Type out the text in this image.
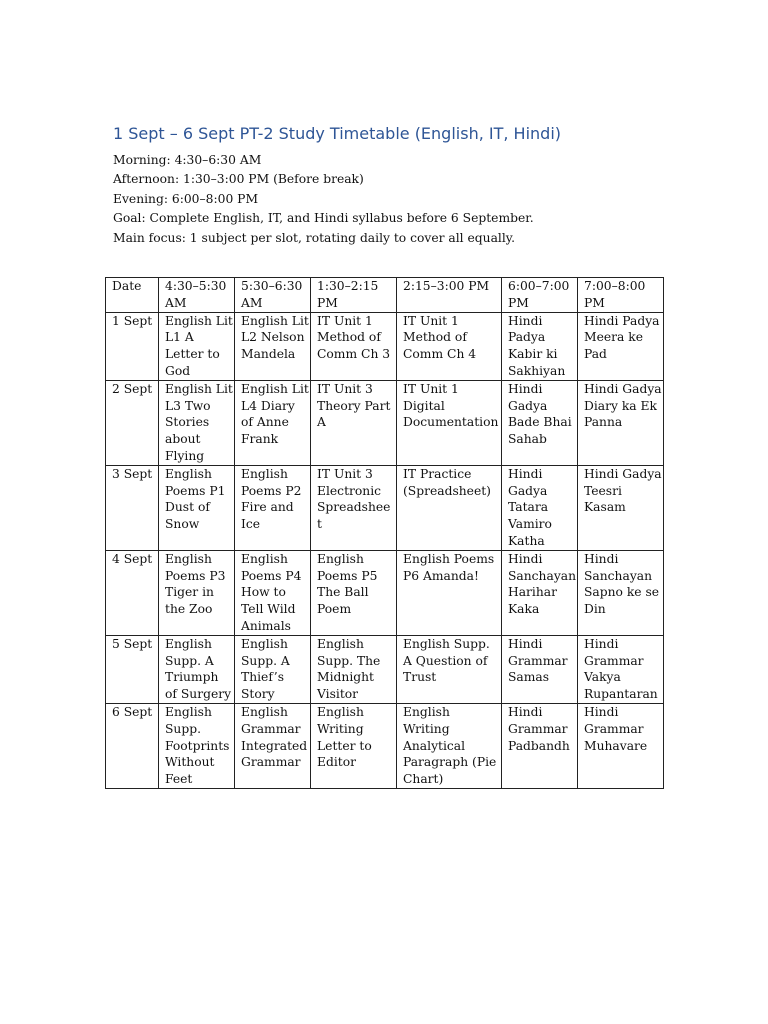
1 Sept – 6 Sept PT-2 Study Timetable (English, IT, Hindi)
Morning: 4:30–6:30 AM
Afternoon: 1:30–3:00 PM (Before break)
Evening: 6:00–8:00 PM
Goal: Complete English, IT, and Hindi syllabus before 6 September.
Main focus: 1 subject per slot, rotating daily to cover all equally.
Date	4:30–5:30 AM	5:30–6:30 AM	1:30–2:15 PM	2:15–3:00 PM	6:00–7:00 PM	7:00–8:00 PM
1 Sept	English Lit L1 A Letter to God	English Lit L2 Nelson Mandela	IT Unit 1 Method of Comm Ch 3	IT Unit 1 Method of Comm Ch 4	Hindi Padya Kabir ki Sakhiyan	Hindi Padya Meera ke Pad
2 Sept	English Lit L3 Two Stories about Flying	English Lit L4 Diary of Anne Frank	IT Unit 3 Theory Part A	IT Unit 1 Digital Documentation	Hindi Gadya Bade Bhai Sahab	Hindi Gadya Diary ka Ek Panna
3 Sept	English Poems P1 Dust of Snow	English Poems P2 Fire and Ice	IT Unit 3 Electronic Spreadsheet	IT Practice (Spreadsheet)	Hindi Gadya Tatara Vamiro Katha	Hindi Gadya Teesri Kasam
4 Sept	English Poems P3 Tiger in the Zoo	English Poems P4 How to Tell Wild Animals	English Poems P5 The Ball Poem	English Poems P6 Amanda!	Hindi Sanchayan Harihar Kaka	Hindi Sanchayan Sapno ke se Din
5 Sept	English Supp. A Triumph of Surgery	English Supp. A Thief’s Story	English Supp. The Midnight Visitor	English Supp. A Question of Trust	Hindi Grammar Samas	Hindi Grammar Vakya Rupantaran
6 Sept	English Supp. Footprints Without Feet	English Grammar Integrated Grammar	English Writing Letter to Editor	English Writing Analytical Paragraph (Pie Chart)	Hindi Grammar Padbandh	Hindi Grammar Muhavare
